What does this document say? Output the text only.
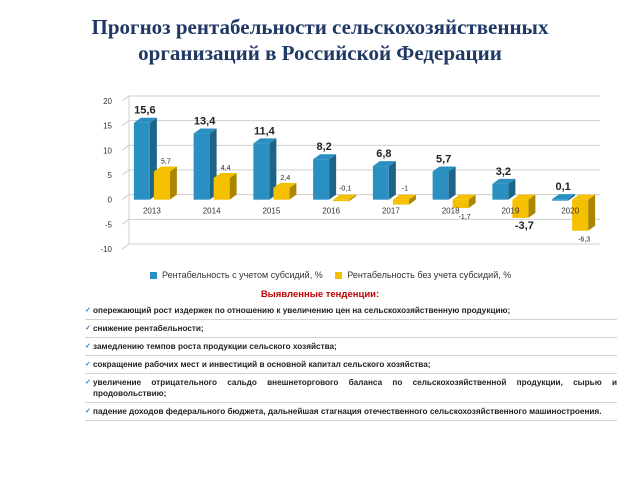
Прогноз рентабельности сельскохозяйственных
организаций в Российской Федерации
20
15
10
5
0
-5
-10
2013
15,6
5,7
2014
13,4
4,4
2015
11,4
2,4
2016
8,2
-0,1
2017
6,8
-1
2018
5,7
-1,7
2019
3,2
-3,7
2020
0,1
-6,3
Рентабельность с учетом субсидий, %	Рентабельность без учета субсидий, %
Выявленные тенденции:
✓ опережающий рост издержек по отношению к увеличению цен на сельскохозяйственную продукцию;
✓ снижение рентабельности;
✓ замедлению темпов роста продукции сельского хозяйства;
✓ сокращение рабочих мест и инвестиций в основной капитал сельского хозяйства;
✓ увеличение отрицательного сальдо внешнеторгового баланса по сельскохозяйственной продукции, сырью и продовольствию;
✓ падение доходов федерального бюджета, дальнейшая стагнация отечественного сельскохозяйственного машиностроения.
